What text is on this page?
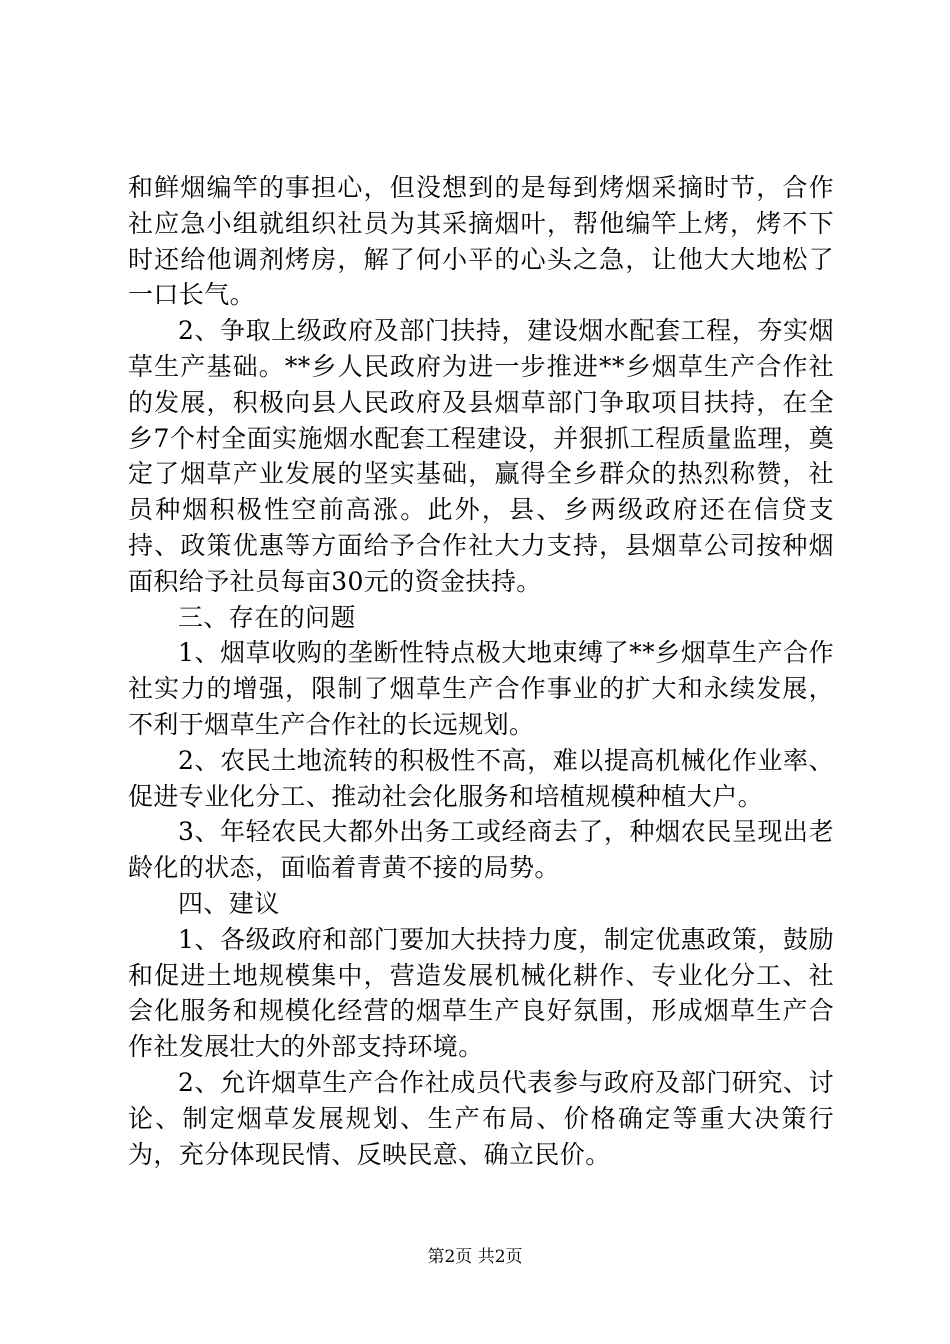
和鲜烟编竿的事担心，但没想到的是每到烤烟采摘时节，合作社应急小组就组织社员为其采摘烟叶，帮他编竿上烤，烤不下时还给他调剂烤房，解了何小平的心头之急，让他大大地松了一口长气。

2、争取上级政府及部门扶持，建设烟水配套工程，夯实烟草生产基础。**乡人民政府为进一步推进**乡烟草生产合作社的发展，积极向县人民政府及县烟草部门争取项目扶持，在全乡7个村全面实施烟水配套工程建设，并狠抓工程质量监理，奠定了烟草产业发展的坚实基础，赢得全乡群众的热烈称赞，社员种烟积极性空前高涨。此外，县、乡两级政府还在信贷支持、政策优惠等方面给予合作社大力支持，县烟草公司按种烟面积给予社员每亩30元的资金扶持。

三、存在的问题

1、烟草收购的垄断性特点极大地束缚了**乡烟草生产合作社实力的增强，限制了烟草生产合作事业的扩大和永续发展，不利于烟草生产合作社的长远规划。

2、农民土地流转的积极性不高，难以提高机械化作业率、促进专业化分工、推动社会化服务和培植规模种植大户。

3、年轻农民大都外出务工或经商去了，种烟农民呈现出老龄化的状态，面临着青黄不接的局势。

四、建议

1、各级政府和部门要加大扶持力度，制定优惠政策，鼓励和促进土地规模集中，营造发展机械化耕作、专业化分工、社会化服务和规模化经营的烟草生产良好氛围，形成烟草生产合作社发展壮大的外部支持环境。

2、允许烟草生产合作社成员代表参与政府及部门研究、讨论、制定烟草发展规划、生产布局、价格确定等重大决策行为，充分体现民情、反映民意、确立民价。

第2页 共2页
